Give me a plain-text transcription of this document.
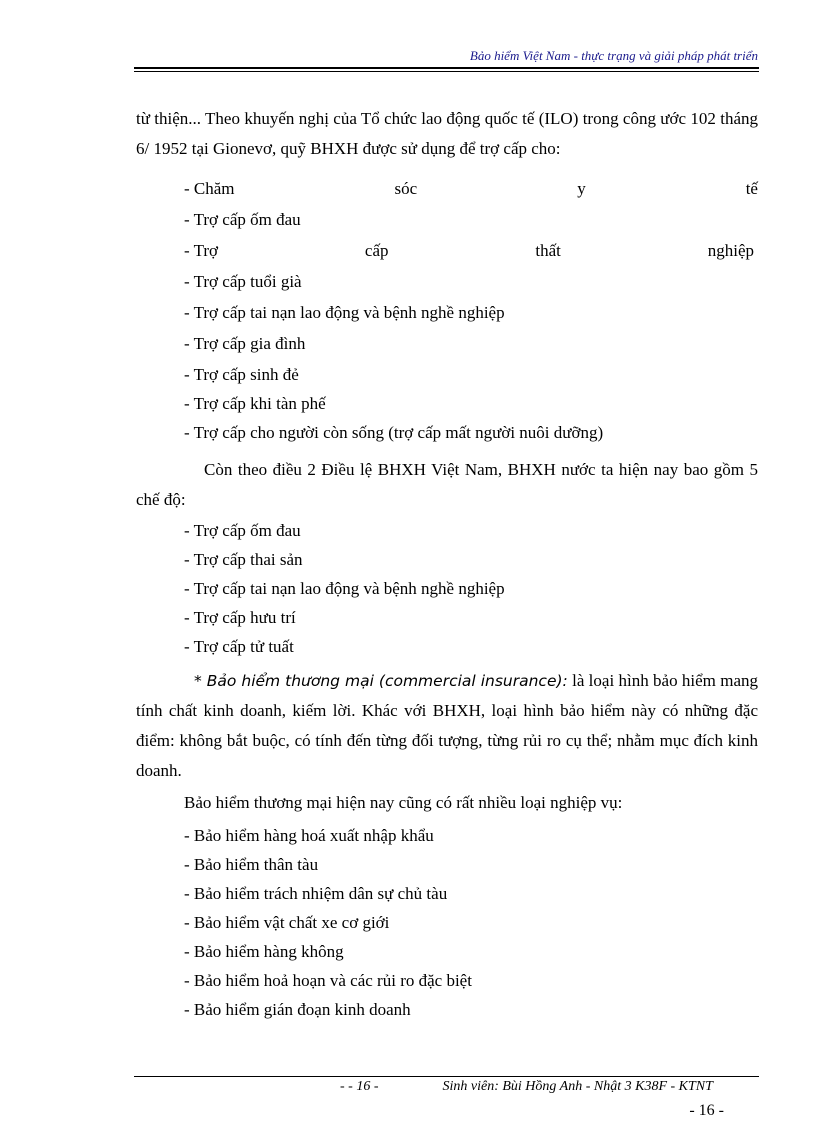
Bảo hiểm Việt Nam - thực trạng và giải pháp phát triển

từ thiện... Theo khuyến nghị của Tổ chức lao động quốc tế (ILO) trong công ước 102 tháng 6/ 1952 tại Gionevơ, quỹ BHXH được sử dụng để trợ cấp cho:

- Chăm	sóc	y	tế

- Trợ cấp ốm đau

- Trợ	cấp	thất	nghiệp

- Trợ cấp tuổi già

- Trợ cấp tai nạn lao động và bệnh nghề nghiệp

- Trợ cấp gia đình

- Trợ cấp sinh đẻ

- Trợ cấp khi tàn phế

- Trợ cấp cho người còn sống (trợ cấp mất người nuôi dưỡng)

Còn theo điều 2 Điều lệ BHXH Việt Nam, BHXH nước ta hiện nay bao gồm 5 chế độ:

- Trợ cấp ốm đau

- Trợ cấp thai sản

- Trợ cấp tai nạn lao động và bệnh nghề nghiệp

- Trợ cấp hưu trí

- Trợ cấp tử tuất

* Bảo hiểm thương mại (commercial insurance): là loại hình bảo hiểm mang tính chất kinh doanh, kiếm lời. Khác với BHXH, loại hình bảo hiểm này có những đặc điểm: không bắt buộc, có tính đến từng đối tượng, từng rủi ro cụ thể; nhằm mục đích kinh doanh.

Bảo hiểm thương mại hiện nay cũng có rất nhiều loại nghiệp vụ:

- Bảo hiểm hàng hoá xuất nhập khẩu

- Bảo hiểm thân tàu

- Bảo hiểm trách nhiệm dân sự chủ tàu

- Bảo hiểm vật chất xe cơ giới

- Bảo hiểm hàng không

- Bảo hiểm hoả hoạn và các rủi ro đặc biệt

- Bảo hiểm gián đoạn kinh doanh

- - 16 -	Sinh viên: Bùi Hồng Anh - Nhật 3 K38F - KTNT
- 16 -
